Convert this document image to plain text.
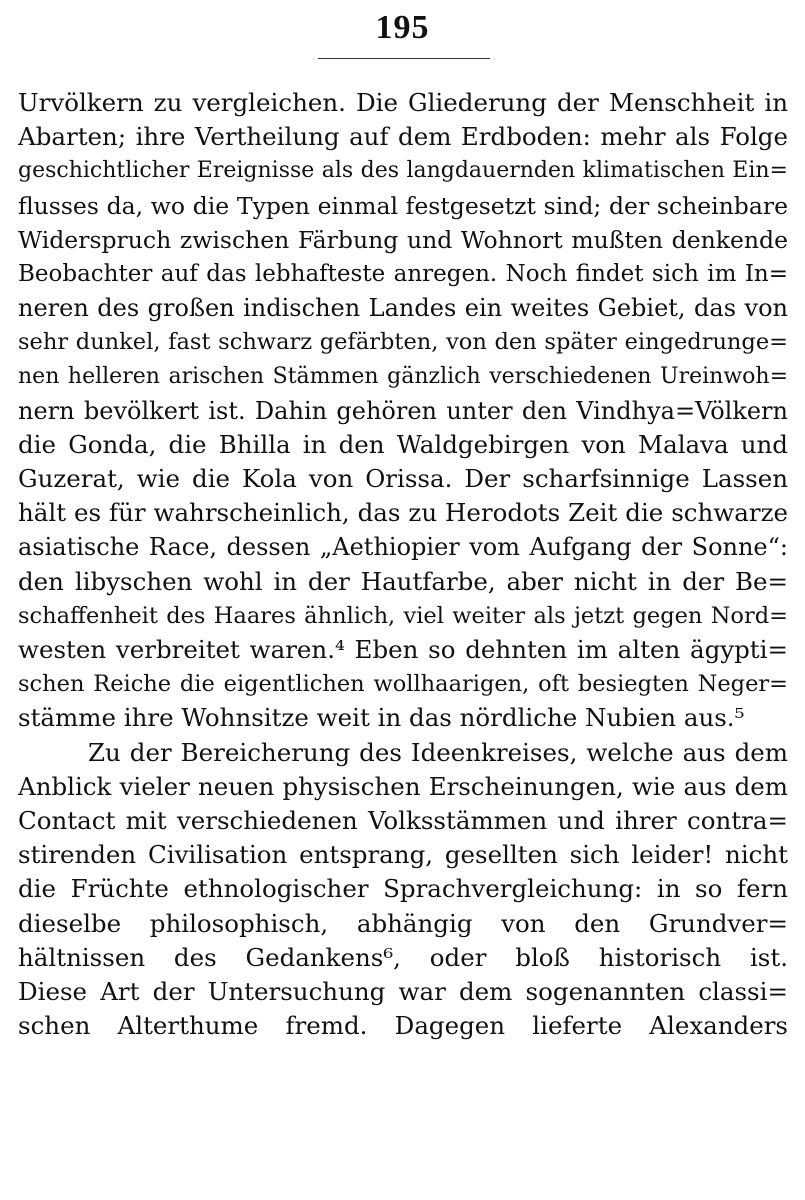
195
Urvölkern zu vergleichen. Die Gliederung der Menschheit in
Abarten; ihre Vertheilung auf dem Erdboden: mehr als Folge
geschichtlicher Ereignisse als des langdauernden klimatischen Ein=
flusses da, wo die Typen einmal festgesetzt sind; der scheinbare
Widerspruch zwischen Färbung und Wohnort mußten denkende
Beobachter auf das lebhafteste anregen. Noch findet sich im In=
neren des großen indischen Landes ein weites Gebiet, das von
sehr dunkel, fast schwarz gefärbten, von den später eingedrunge=
nen helleren arischen Stämmen gänzlich verschiedenen Ureinwoh=
nern bevölkert ist. Dahin gehören unter den Vindhya=Völkern
die Gonda, die Bhilla in den Waldgebirgen von Malava und
Guzerat, wie die Kola von Orissa. Der scharfsinnige Lassen
hält es für wahrscheinlich, das zu Herodots Zeit die schwarze
asiatische Race, dessen „Aethiopier vom Aufgang der Sonne“:
den libyschen wohl in der Hautfarbe, aber nicht in der Be=
schaffenheit des Haares ähnlich, viel weiter als jetzt gegen Nord=
westen verbreitet waren.⁴ Eben so dehnten im alten ägypti=
schen Reiche die eigentlichen wollhaarigen, oft besiegten Neger=
stämme ihre Wohnsitze weit in das nördliche Nubien aus.⁵
Zu der Bereicherung des Ideenkreises, welche aus dem
Anblick vieler neuen physischen Erscheinungen, wie aus dem
Contact mit verschiedenen Volksstämmen und ihrer contra=
stirenden Civilisation entsprang, gesellten sich leider! nicht
die Früchte ethnologischer Sprachvergleichung: in so fern
dieselbe philosophisch, abhängig von den Grundver=
hältnissen des Gedankens⁶, oder bloß historisch ist.
Diese Art der Untersuchung war dem sogenannten classi=
schen Alterthume fremd. Dagegen lieferte Alexanders
